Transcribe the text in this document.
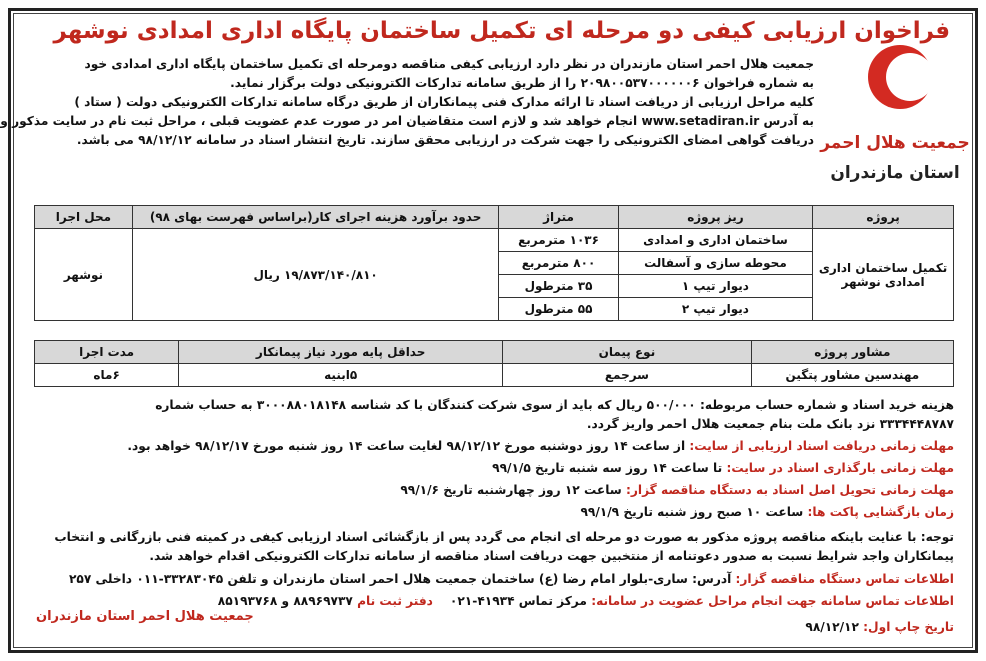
فراخوان ارزیابی کیفی دو مرحله ای تکمیل ساختمان پایگاه اداری امدادی نوشهر
جمعیت هلال احمر
استان مازندران
جمعیت هلال احمر استان مازندران در نظر دارد ارزیابی کیفی مناقصه دومرحله ای تکمیل ساختمان پایگاه اداری امدادی خود
به شماره فراخوان ۲۰۹۸۰۰۵۳۷۰۰۰۰۰۰۶ را از طریق سامانه تدارکات الکترونیکی دولت برگزار نماید.
کلیه مراحل ارزیابی از دریافت اسناد تا ارائه مدارک فنی پیمانکاران از طریق درگاه سامانه تدارکات الکترونیکی دولت ( ستاد )
به آدرس www.setadiran.ir انجام خواهد شد و لازم است متقاضیان امر در صورت عدم عضویت قبلی ، مراحل ثبت نام در سایت مذکور و
دریافت گواهی امضای الکترونیکی را جهت شرکت در ارزیابی محقق سازند. تاریخ انتشار اسناد در سامانه ۹۸/۱۲/۱۲ می باشد.
پروژه	ریز پروژه	متراژ	حدود برآورد هزینه اجرای کار(براساس فهرست بهای ۹۸)	محل اجرا
تکمیل ساختمان اداری امدادی نوشهر	ساختمان اداری و امدادی	۱۰۳۶ مترمربع	۱۹/۸۷۳/۱۴۰/۸۱۰ ریال	نوشهر
	محوطه سازی و آسفالت	۸۰۰ مترمربع		
	دیوار تیپ ۱	۳۵ مترطول		
	دیوار تیپ ۲	۵۵ مترطول		
مشاور پروژه	نوع پیمان	حداقل پایه مورد نیاز پیمانکار	مدت اجرا
مهندسین مشاور پتگین	سرجمع	۵ابنیه	۶ماه
هزینه خرید اسناد و شماره حساب مربوطه: ۵۰۰/۰۰۰ ریال که باید از سوی شرکت کنندگان با کد شناسه ۳۰۰۰۸۸۰۱۸۱۴۸ به حساب شماره
۳۳۳۴۴۴۸۷۸۷ نزد بانک ملت بنام جمعیت هلال احمر واریز گردد.
مهلت زمانی دریافت اسناد ارزیابی از سایت: از ساعت ۱۴ روز دوشنبه مورخ ۹۸/۱۲/۱۲ لغایت ساعت ۱۴ روز شنبه مورخ ۹۸/۱۲/۱۷ خواهد بود.
مهلت زمانی بارگذاری اسناد در سایت: تا ساعت ۱۴ روز سه شنبه تاریخ ۹۹/۱/۵
مهلت زمانی تحویل اصل اسناد به دستگاه مناقصه گزار: ساعت ۱۲ روز چهارشنبه تاریخ ۹۹/۱/۶
زمان بازگشایی پاکت ها: ساعت ۱۰ صبح روز شنبه تاریخ ۹۹/۱/۹
توجه: با عنایت باینکه مناقصه پروژه مذکور به صورت دو مرحله ای انجام می گردد پس از بازگشائی اسناد ارزیابی کیفی در کمیته فنی بازرگانی و انتخاب
پیمانکاران واجد شرایط نسبت به صدور دعوتنامه از منتخبین جهت دریافت اسناد مناقصه از سامانه تدارکات الکترونیکی اقدام خواهد شد.
اطلاعات تماس دستگاه مناقصه گزار: آدرس: ساری-بلوار امام رضا (ع) ساختمان جمعیت هلال احمر استان مازندران و تلفن ۳۳۲۸۳۰۴۵-۰۱۱ داخلی ۲۵۷
اطلاعات تماس سامانه جهت انجام مراحل عضویت در سامانه: مرکز تماس ۴۱۹۳۴-۰۲۱    دفتر ثبت نام ۸۸۹۶۹۷۳۷ و ۸۵۱۹۳۷۶۸
تاریخ چاپ اول: ۹۸/۱۲/۱۲
جمعیت هلال احمر استان مازندران
